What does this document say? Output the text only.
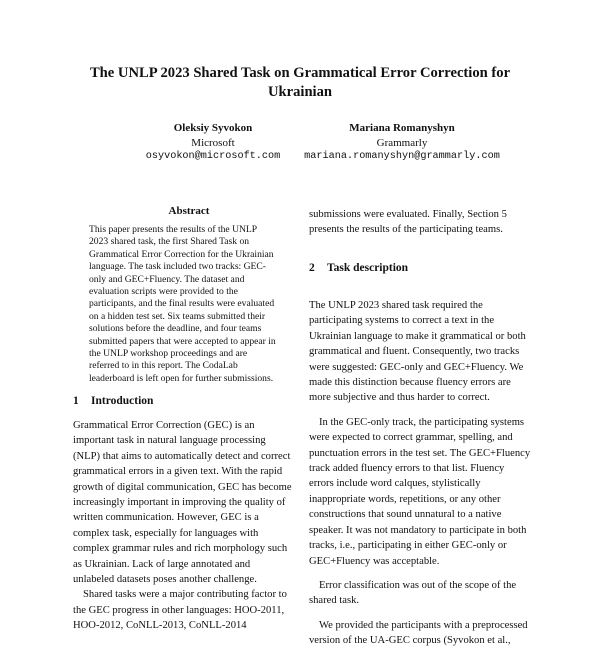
The UNLP 2023 Shared Task on Grammatical Error Correction for Ukrainian
Oleksiy Syvokon
Microsoft
osyvokon@microsoft.com
Mariana Romanyshyn
Grammarly
mariana.romanyshyn@grammarly.com
Abstract

This paper presents the results of the UNLP 2023 shared task, the first Shared Task on Grammatical Error Correction for the Ukrainian language. The task included two tracks: GEC-only and GEC+Fluency. The dataset and evaluation scripts were provided to the participants, and the final results were evaluated on a hidden test set. Six teams submitted their solutions before the deadline, and four teams submitted papers that were accepted to appear in the UNLP workshop proceedings and are referred to in this report. The CodaLab leaderboard is left open for further submissions.

1 Introduction

Grammatical Error Correction (GEC) is an important task in natural language processing (NLP) that aims to automatically detect and correct grammatical errors in a given text. With the rapid growth of digital communication, GEC has become increasingly important in improving the quality of written communication. However, GEC is a complex task, especially for languages with complex grammar rules and rich morphology such as Ukrainian. Lack of large annotated and unlabeled datasets poses another challenge.

Shared tasks were a major contributing factor to the GEC progress in other languages: HOO-2011, HOO-2012, CoNLL-2013, CoNLL-2014

submissions were evaluated. Finally, Section 5 presents the results of the participating teams.

2 Task description

The UNLP 2023 shared task required the participating systems to correct a text in the Ukrainian language to make it grammatical or both grammatical and fluent. Consequently, two tracks were suggested: GEC-only and GEC+Fluency. We made this distinction because fluency errors are more subjective and thus harder to correct.

In the GEC-only track, the participating systems were expected to correct grammar, spelling, and punctuation errors in the test set. The GEC+Fluency track added fluency errors to that list. Fluency errors include word calques, stylistically inappropriate words, repetitions, or any other constructions that sound unnatural to a native speaker. It was not mandatory to participate in both tracks, i.e., participating in either GEC-only or GEC+Fluency was acceptable.

Error classification was out of the scope of the shared task.

We provided the participants with a preprocessed version of the UA-GEC corpus (Syvokon et al.,
